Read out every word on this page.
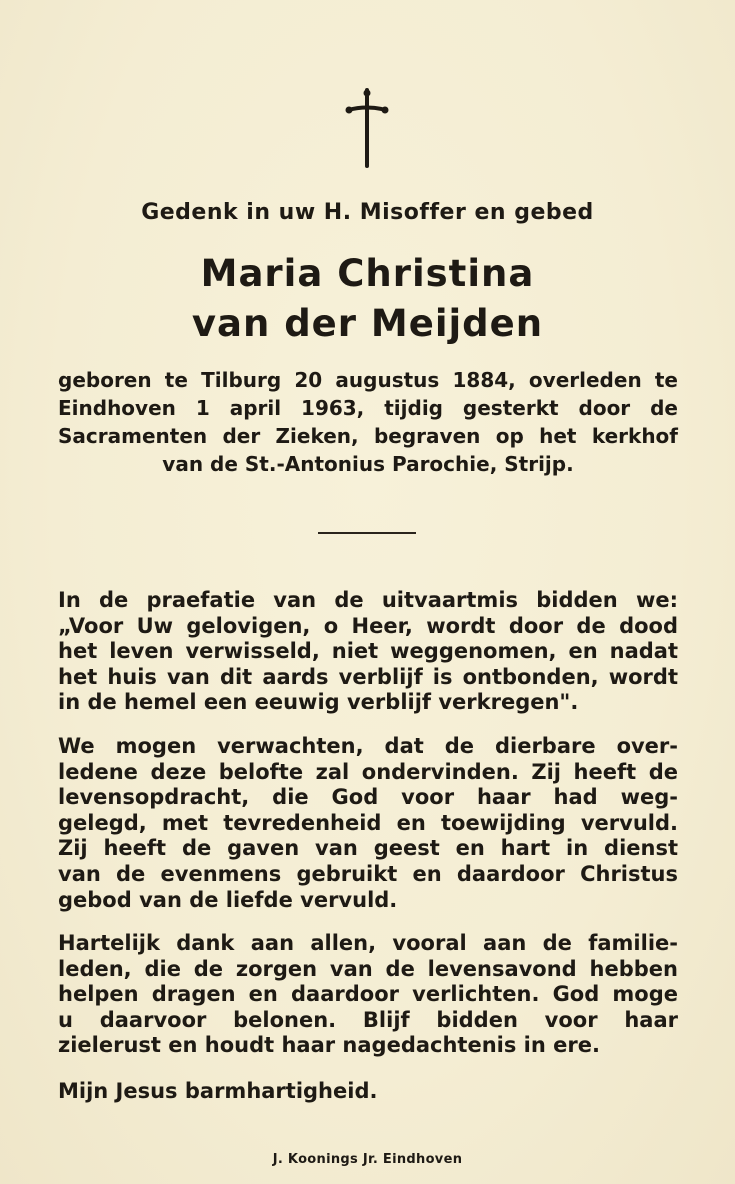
Gedenk in uw H. Misoffer en gebed
Maria Christina
van der Meijden
geboren te Tilburg 20 augustus 1884, overleden te
Eindhoven 1 april 1963, tijdig gesterkt door de
Sacramenten der Zieken, begraven op het kerkhof
van de St.-Antonius Parochie, Strijp.
In de praefatie van de uitvaartmis bidden we:
„Voor Uw gelovigen, o Heer, wordt door de dood
het leven verwisseld, niet weggenomen, en nadat
het huis van dit aards verblijf is ontbonden, wordt
in de hemel een eeuwig verblijf verkregen".
We mogen verwachten, dat de dierbare over-
ledene deze belofte zal ondervinden. Zij heeft de
levensopdracht, die God voor haar had weg-
gelegd, met tevredenheid en toewijding vervuld.
Zij heeft de gaven van geest en hart in dienst
van de evenmens gebruikt en daardoor Christus
gebod van de liefde vervuld.
Hartelijk dank aan allen, vooral aan de familie-
leden, die de zorgen van de levensavond hebben
helpen dragen en daardoor verlichten. God moge
u daarvoor belonen. Blijf bidden voor haar
zielerust en houdt haar nagedachtenis in ere.
Mijn Jesus barmhartigheid.
J. Koonings Jr. Eindhoven
